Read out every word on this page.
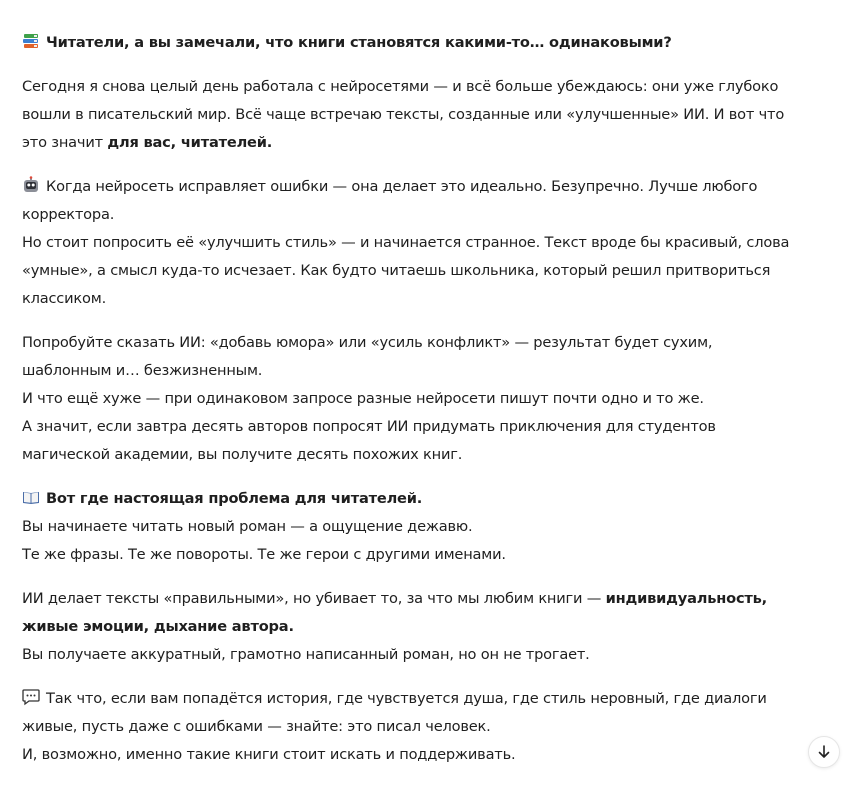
Читатели, а вы замечали, что книги становятся какими-то… одинаковыми?
Сегодня я снова целый день работала с нейросетями — и всё больше убеждаюсь: они уже глубоко вошли в писательский мир. Всё чаще встречаю тексты, созданные или «улучшенные» ИИ. И вот что это значит для вас, читателей.
Когда нейросеть исправляет ошибки — она делает это идеально. Безупречно. Лучше любого корректора.
Но стоит попросить её «улучшить стиль» — и начинается странное. Текст вроде бы красивый, слова «умные», а смысл куда-то исчезает. Как будто читаешь школьника, который решил притвориться классиком.
Попробуйте сказать ИИ: «добавь юмора» или «усиль конфликт» — результат будет сухим, шаблонным и… безжизненным.
И что ещё хуже — при одинаковом запросе разные нейросети пишут почти одно и то же.
А значит, если завтра десять авторов попросят ИИ придумать приключения для студентов магической академии, вы получите десять похожих книг.
Вот где настоящая проблема для читателей.
Вы начинаете читать новый роман — а ощущение дежавю.
Те же фразы. Те же повороты. Те же герои с другими именами.
ИИ делает тексты «правильными», но убивает то, за что мы любим книги — индивидуальность, живые эмоции, дыхание автора.
Вы получаете аккуратный, грамотно написанный роман, но он не трогает.
Так что, если вам попадётся история, где чувствуется душа, где стиль неровный, где диалоги живые, пусть даже с ошибками — знайте: это писал человек.
И, возможно, именно такие книги стоит искать и поддерживать.
